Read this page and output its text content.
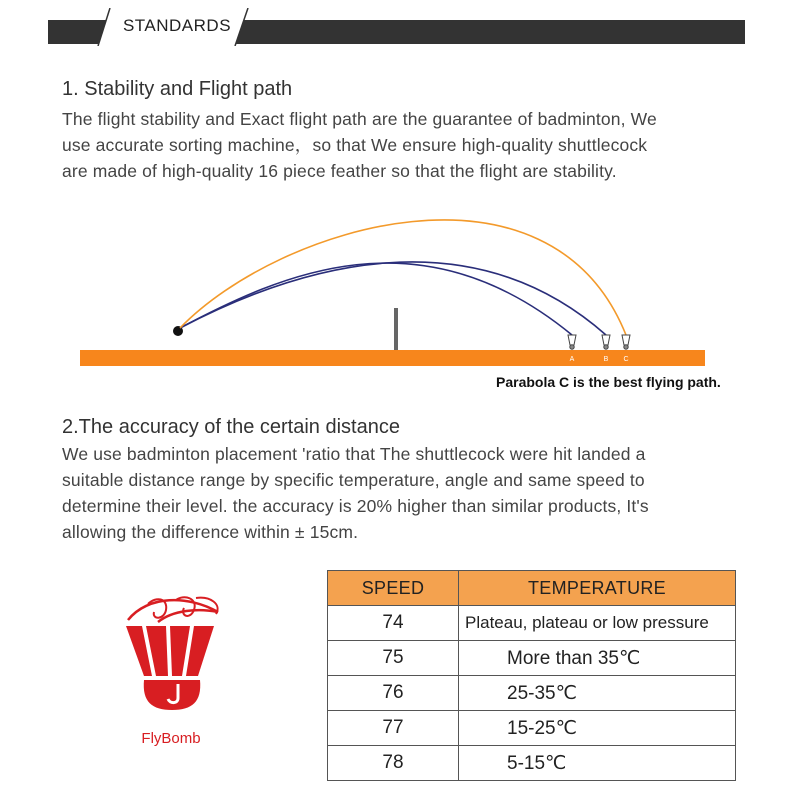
STANDARDS
1. Stability and Flight path
The flight stability and Exact flight path are the guarantee of badminton, We
use accurate sorting machine，so that We ensure high-quality shuttlecock
are made of high-quality 16 piece feather so that the flight are stability.
A	B C
Parabola C is the best flying path.
2.The accuracy of the certain distance
We use badminton placement 'ratio that The shuttlecock were hit landed a
suitable distance range by specific temperature, angle and same speed to
determine their level. the accuracy is 20% higher than similar products, It's
allowing the difference within ± 15cm.
FlyBomb
SPEED	TEMPERATURE
74	Plateau, plateau or low pressure
75	More than 35℃
76	25-35℃
77	15-25℃
78	5-15℃
